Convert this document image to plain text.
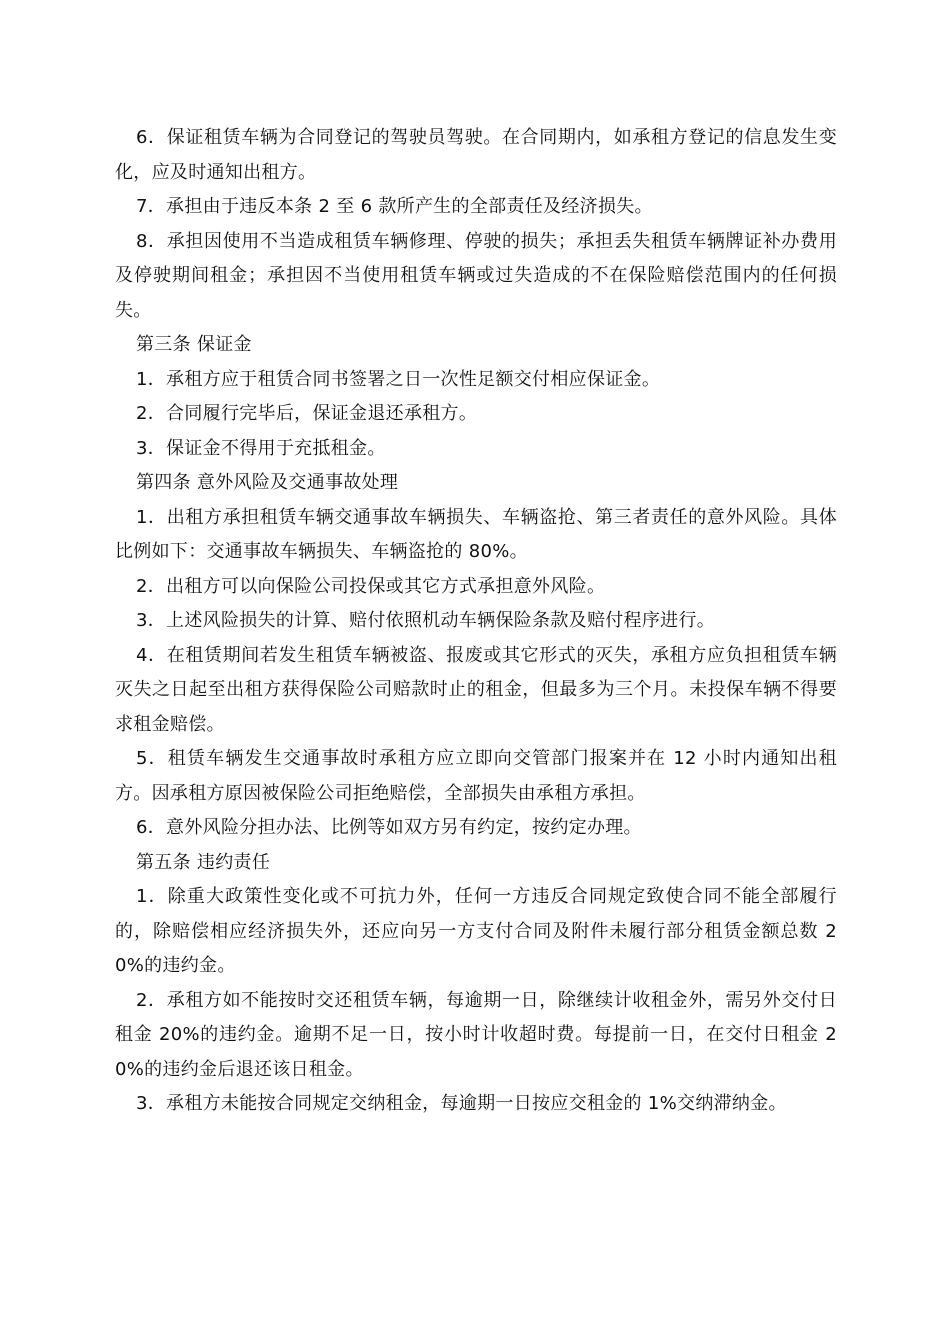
6．保证租赁车辆为合同登记的驾驶员驾驶。在合同期内，如承租方登记的信息发生变化，应及时通知出租方。

7．承担由于违反本条 2 至 6 款所产生的全部责任及经济损失。

8．承担因使用不当造成租赁车辆修理、停驶的损失；承担丢失租赁车辆牌证补办费用及停驶期间租金；承担因不当使用租赁车辆或过失造成的不在保险赔偿范围内的任何损失。

第三条 保证金

1．承租方应于租赁合同书签署之日一次性足额交付相应保证金。

2．合同履行完毕后，保证金退还承租方。

3．保证金不得用于充抵租金。

第四条 意外风险及交通事故处理

1．出租方承担租赁车辆交通事故车辆损失、车辆盗抢、第三者责任的意外风险。具体比例如下：交通事故车辆损失、车辆盗抢的 80%。

2．出租方可以向保险公司投保或其它方式承担意外风险。

3．上述风险损失的计算、赔付依照机动车辆保险条款及赔付程序进行。

4．在租赁期间若发生租赁车辆被盗、报废或其它形式的灭失，承租方应负担租赁车辆灭失之日起至出租方获得保险公司赔款时止的租金，但最多为三个月。未投保车辆不得要求租金赔偿。

5．租赁车辆发生交通事故时承租方应立即向交管部门报案并在 12 小时内通知出租方。因承租方原因被保险公司拒绝赔偿，全部损失由承租方承担。

6．意外风险分担办法、比例等如双方另有约定，按约定办理。

第五条 违约责任

1．除重大政策性变化或不可抗力外，任何一方违反合同规定致使合同不能全部履行的，除赔偿相应经济损失外，还应向另一方支付合同及附件未履行部分租赁金额总数 20%的违约金。

2．承租方如不能按时交还租赁车辆，每逾期一日，除继续计收租金外，需另外交付日租金 20%的违约金。逾期不足一日，按小时计收超时费。每提前一日，在交付日租金 20%的违约金后退还该日租金。

3．承租方未能按合同规定交纳租金，每逾期一日按应交租金的 1%交纳滞纳金。
